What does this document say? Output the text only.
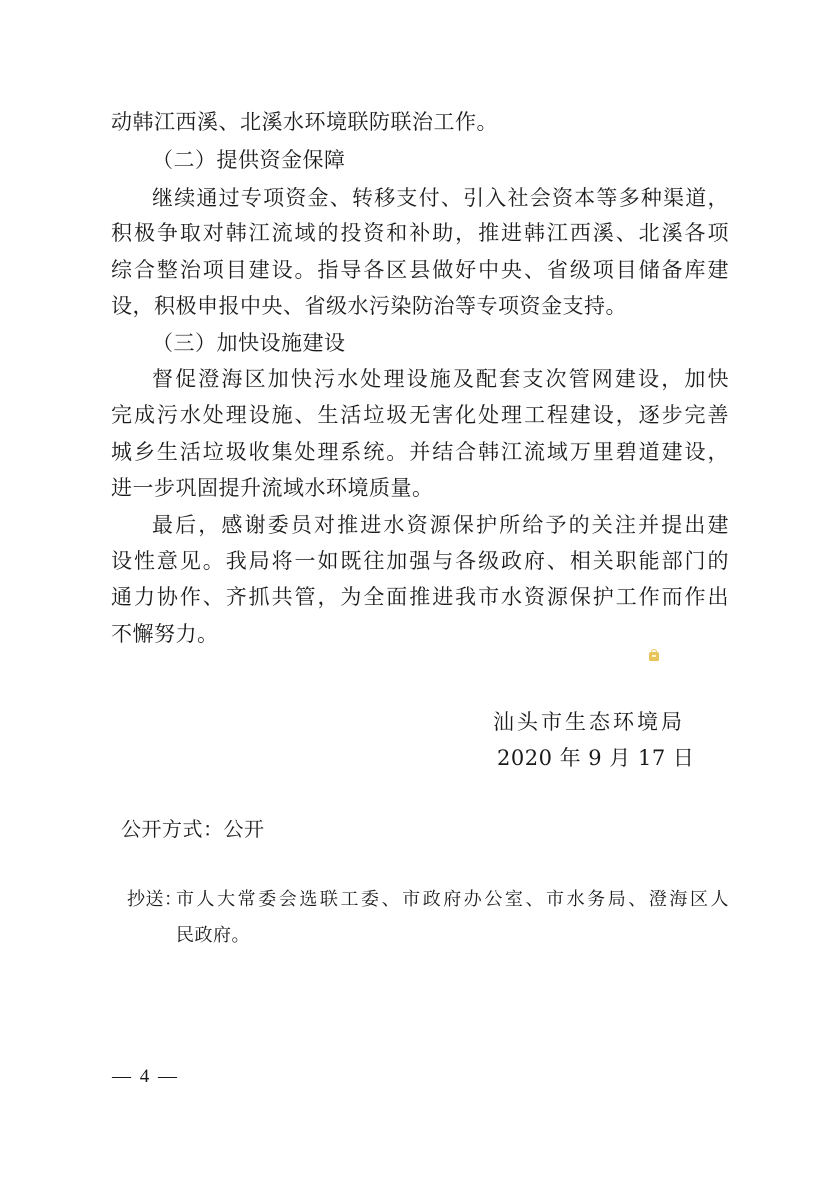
动韩江西溪、北溪水环境联防联治工作。
（二）提供资金保障
继续通过专项资金、转移支付、引入社会资本等多种渠道，
积极争取对韩江流域的投资和补助，推进韩江西溪、北溪各项
综合整治项目建设。指导各区县做好中央、省级项目储备库建
设，积极申报中央、省级水污染防治等专项资金支持。
（三）加快设施建设
督促澄海区加快污水处理设施及配套支次管网建设，加快
完成污水处理设施、生活垃圾无害化处理工程建设，逐步完善
城乡生活垃圾收集处理系统。并结合韩江流域万里碧道建设，
进一步巩固提升流域水环境质量。
最后，感谢委员对推进水资源保护所给予的关注并提出建
设性意见。我局将一如既往加强与各级政府、相关职能部门的
通力协作、齐抓共管，为全面推进我市水资源保护工作而作出
不懈努力。
汕头市生态环境局
2020 年 9 月 17 日
公开方式：公开
抄送：
市人大常委会选联工委、市政府办公室、市水务局、澄海区人
民政府。
— 4 —
